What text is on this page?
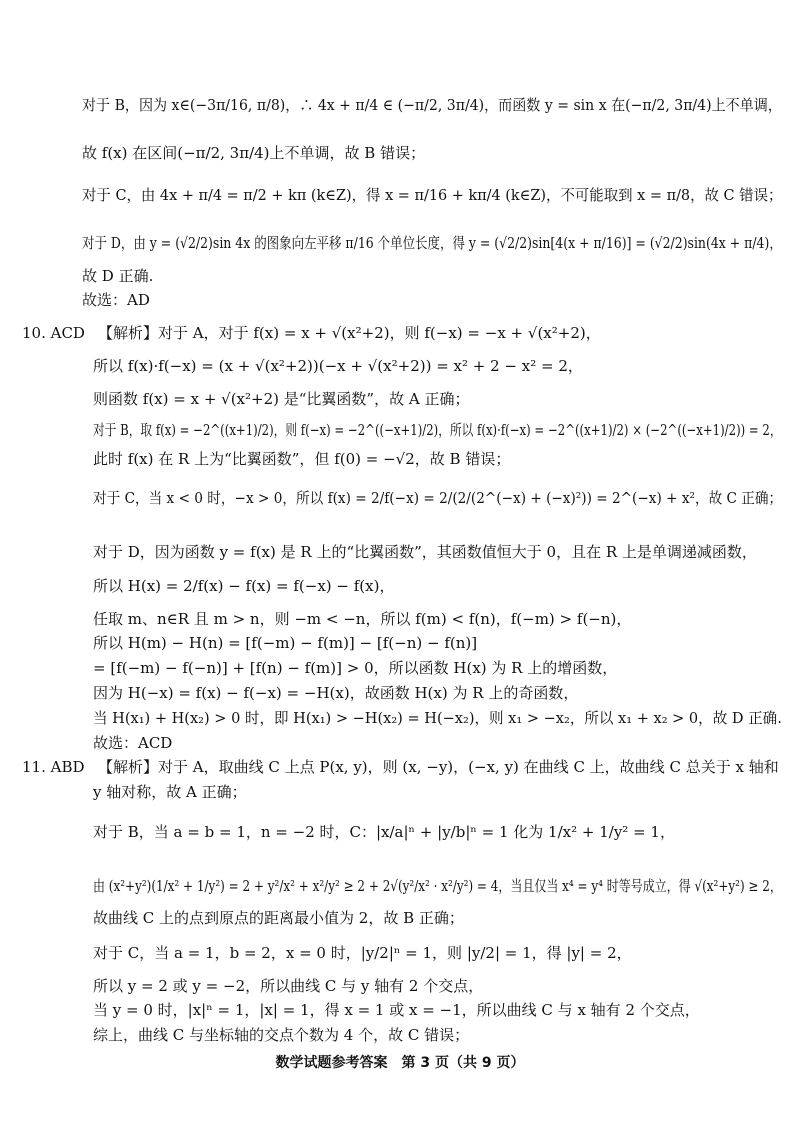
对于 B，因为 x∈(−3π/16, π/8)，∴ 4x + π/4 ∈ (−π/2, 3π/4)，而函数 y = sin x 在(−π/2, 3π/4)上不单调，
故 f(x) 在区间(−π/2, 3π/4)上不单调，故 B 错误；
对于 C，由 4x + π/4 = π/2 + kπ (k∈Z)，得 x = π/16 + kπ/4 (k∈Z)，不可能取到 x = π/8，故 C 错误；
对于 D，由 y = (√2/2)sin 4x 的图象向左平移 π/16 个单位长度，得 y = (√2/2)sin[4(x + π/16)] = (√2/2)sin(4x + π/4)，
故 D 正确.
故选：AD
10. ACD 【解析】对于 A，对于 f(x) = x + √(x²+2)，则 f(−x) = −x + √(x²+2)，
所以 f(x)·f(−x) = (x + √(x²+2))(−x + √(x²+2)) = x² + 2 − x² = 2，
则函数 f(x) = x + √(x²+2) 是“比翼函数”，故 A 正确；
对于 B，取 f(x) = −2^((x+1)/2)，则 f(−x) = −2^((−x+1)/2)，所以 f(x)·f(−x) = −2^((x+1)/2) × (−2^((−x+1)/2)) = 2，
此时 f(x) 在 R 上为“比翼函数”，但 f(0) = −√2，故 B 错误；
对于 C，当 x < 0 时，−x > 0，所以 f(x) = 2/f(−x) = 2/(2/(2^(−x) + (−x)²)) = 2^(−x) + x²，故 C 正确；
对于 D，因为函数 y = f(x) 是 R 上的“比翼函数”，其函数值恒大于 0，且在 R 上是单调递减函数，
所以 H(x) = 2/f(x) − f(x) = f(−x) − f(x)，
任取 m、n∈R 且 m > n，则 −m < −n，所以 f(m) < f(n)，f(−m) > f(−n)，
所以 H(m) − H(n) = [f(−m) − f(m)] − [f(−n) − f(n)]
= [f(−m) − f(−n)] + [f(n) − f(m)] > 0，所以函数 H(x) 为 R 上的增函数，
因为 H(−x) = f(x) − f(−x) = −H(x)，故函数 H(x) 为 R 上的奇函数，
当 H(x₁) + H(x₂) > 0 时，即 H(x₁) > −H(x₂) = H(−x₂)，则 x₁ > −x₂，所以 x₁ + x₂ > 0，故 D 正确.
故选：ACD
11. ABD 【解析】对于 A，取曲线 C 上点 P(x, y)，则 (x, −y)，(−x, y) 在曲线 C 上，故曲线 C 总关于 x 轴和
y 轴对称，故 A 正确；
对于 B，当 a = b = 1，n = −2 时，C：|x/a|ⁿ + |y/b|ⁿ = 1 化为 1/x² + 1/y² = 1，
由 (x²+y²)(1/x² + 1/y²) = 2 + y²/x² + x²/y² ≥ 2 + 2√(y²/x² · x²/y²) = 4，当且仅当 x⁴ = y⁴ 时等号成立，得 √(x²+y²) ≥ 2，
故曲线 C 上的点到原点的距离最小值为 2，故 B 正确；
对于 C，当 a = 1，b = 2，x = 0 时，|y/2|ⁿ = 1，则 |y/2| = 1，得 |y| = 2，
所以 y = 2 或 y = −2，所以曲线 C 与 y 轴有 2 个交点，
当 y = 0 时，|x|ⁿ = 1，|x| = 1，得 x = 1 或 x = −1，所以曲线 C 与 x 轴有 2 个交点，
综上，曲线 C 与坐标轴的交点个数为 4 个，故 C 错误；
数学试题参考答案　第 3 页（共 9 页）
